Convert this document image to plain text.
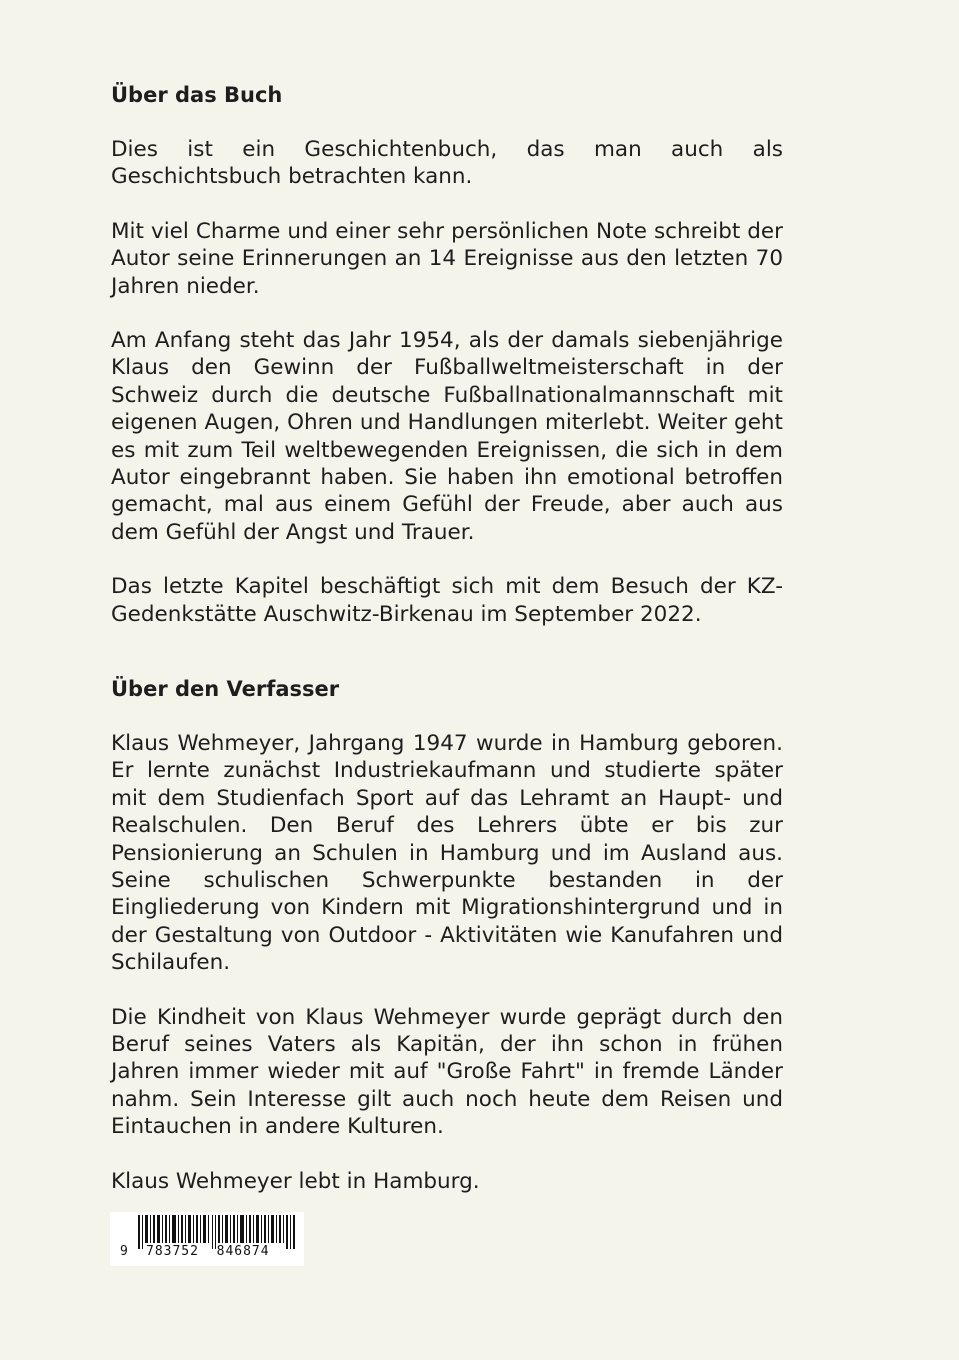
Über das Buch

Dies ist ein Geschichtenbuch, das man auch als Geschichtsbuch betrachten kann.

Mit viel Charme und einer sehr persönlichen Note schreibt der Autor seine Erinnerungen an 14 Ereignisse aus den letzten 70 Jahren nieder.

Am Anfang steht das Jahr 1954, als der damals siebenjährige Klaus den Gewinn der Fußballweltmeisterschaft in der Schweiz durch die deutsche Fußballnationalmannschaft mit eigenen Augen, Ohren und Handlungen miterlebt. Weiter geht es mit zum Teil weltbewegenden Ereignissen, die sich in dem Autor eingebrannt haben. Sie haben ihn emotional betroffen gemacht, mal aus einem Gefühl der Freude, aber auch aus dem Gefühl der Angst und Trauer.

Das letzte Kapitel beschäftigt sich mit dem Besuch der KZ-Gedenkstätte Auschwitz-Birkenau im September 2022.

Über den Verfasser

Klaus Wehmeyer, Jahrgang 1947 wurde in Hamburg geboren. Er lernte zunächst Industriekaufmann und studierte später mit dem Studienfach Sport auf das Lehramt an Haupt- und Realschulen. Den Beruf des Lehrers übte er bis zur Pensionierung an Schulen in Hamburg und im Ausland aus. Seine schulischen Schwerpunkte bestanden in der Eingliederung von Kindern mit Migrationshintergrund und in der Gestaltung von Outdoor - Aktivitäten wie Kanufahren und Schilaufen.

Die Kindheit von Klaus Wehmeyer wurde geprägt durch den Beruf seines Vaters als Kapitän, der ihn schon in frühen Jahren immer wieder mit auf "Große Fahrt" in fremde Länder nahm. Sein Interesse gilt auch noch heute dem Reisen und Eintauchen in andere Kulturen.

Klaus Wehmeyer lebt in Hamburg.

9 783752 846874
